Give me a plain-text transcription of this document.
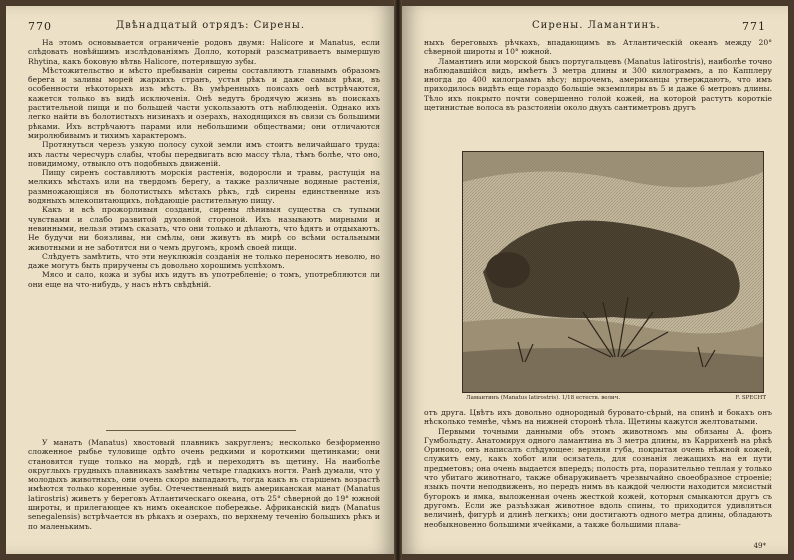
770	Двѣнадцатый отрядъ: Сирены.

На этомъ основывается ограниченіе родовъ двумя: Halicore и Manatus, если слѣдовать новѣйшимъ изслѣдованіямъ Долло, который разсматриваетъ вымершую Rhytina, какъ боковую вѣтвь Halicore, потерявшую зубы.

Мѣстожительство и мѣсто пребыванія сирены составляютъ главнымъ образомъ берега и заливы морей жаркихъ странъ, устья рѣкъ и даже самыя рѣки, въ особенности нѣкоторыхъ изъ мѣстъ. Въ умѣренныхъ поясахъ онѣ встрѣчаются, кажется только въ видѣ исключенія. Онѣ ведутъ бродячую жизнь въ поискахъ растительной пищи и по большей части ускользаютъ отъ наблюденія. Однако ихъ легко найти въ болотистыхъ низинахъ и озерахъ, находящихся въ связи съ большими рѣками. Ихъ встрѣчаютъ парами или небольшими обществами; они отличаются миролюбивымъ и тихимъ характеромъ.

Протянуться черезъ узкую полосу сухой земли имъ стоитъ величайшаго труда: ихъ ласты чересчуръ слабы, чтобы передвигать всю массу тѣла, тѣмъ болѣе, что оно, повидимому, отвыкло отъ подобныхъ движеній.

Пищу сиренъ составляютъ морскія растенія, водоросли и травы, растущія на мелкихъ мѣстахъ или на твердомъ берегу, а также различные водяные растенія, размножающіяся въ болотистыхъ мѣстахъ рѣкъ, гдѣ сирены единственные изъ водяныхъ млекопитающихъ, поѣдающіе растительную пищу.

Какъ и всѣ прожорливыя созданія, сирены лѣнивыя существа съ тупыми чувствами и слабо развитой духовной стороной. Ихъ называютъ мирными и невинными, нельзя этимъ сказать, что они только и дѣлаютъ, что ѣдятъ и отдыхаютъ. Не будучи ни боязливы, ни смѣлы, они живутъ въ мирѣ со всѣми остальными животными и не заботятся ни о чемъ другомъ, кромѣ своей пищи.

Слѣдуетъ замѣтить, что эти неуклюжія созданія не только переносятъ неволю, но даже могутъ быть приручены съ довольно хорошимъ успѣхомъ.

Мясо и сало, кожа и зубы ихъ идутъ въ употребленіе; о томъ, употребляются ли они еще на что-нибудь, у насъ нѣтъ свѣдѣній.

У манатъ (Manatus) хвостовый плавникъ закругленъ; несколько безформенно сложенное рыбье туловище одѣто очень редкими и короткими щетинками; они становятся гуще только на мордѣ, гдѣ и переходятъ въ щетину. На наиболѣе округлыхъ грудныхъ плавникахъ замѣтны четыре гладкихъ ногтя. Ранѣ думали, что у молодыхъ животныхъ, они очень скоро выпадаютъ, тогда какъ въ старшемъ возрастѣ имѣются только коренные зубы. Отечественный видъ американская манат (Manatus latirostris) живетъ у береговъ Атлантическаго океана, отъ 25° сѣверной до 19° южной широты, и прилегающее къ нимъ океанское побережье. Африканскій видъ (Manatus senegalensis) встрѣчается въ рѣкахъ и озерахъ, по верхнему теченію большихъ рѣкъ и по маленькимъ.

Сирены. Ламантинъ.	771

ныхъ береговыхъ рѣчкахъ, впадающимъ въ Атлантическій океанъ между 20° сѣверной широты и 10° южной.

Ламантинъ или морской быкъ португальцевъ (Manatus latirostris), наиболѣе точно наблюдавшійся видъ, имѣетъ 3 метра длины и 300 килограммъ, а по Капплеру иногда до 400 килограммъ вѣсу; впрочемъ, американцы утверждаютъ, что имъ приходилось видѣть еще гораздо большіе экземпляры въ 5 и даже 6 метровъ длины. Тѣло ихъ покрыто почти совершенно голой кожей, на которой растутъ короткіе щетинистые волоса въ разстояніи около двухъ сантиметровъ другъ

Ламантинъ (Manatus latirostris). 1/18 естеств. велич.	F. SPECHT

отъ друга. Цвѣтъ ихъ довольно однородный буровато-сѣрый, на спинѣ и бокахъ онъ нѣсколько темнѣе, чѣмъ на нижней сторонѣ тѣла. Щетины кажутся желтоватыми.

Первыми точными данными объ этомъ животномъ мы обязаны А. фонъ Гумбольдту. Анатомируя одного ламантина въ 3 метра длины, въ Каррихенѣ на рѣкѣ Ориноко, онъ написалъ слѣдующее: верхняя губа, покрытая очень нѣжной кожей, служитъ ему, какъ хобот или осязатель, для сознанія лежащихъ на ея пути предметовъ; она очень выдается впередъ; полость рта, поразительно теплая у только что убитаго животнаго, также обнаруживаетъ чрезвычайно своеобразное строеніе; языкъ почти неподвиженъ, но передъ нимъ въ каждой челюсти находится мясистый бугорокъ и ямка, выложенная очень жесткой кожей, которыя смыкаются другъ съ другомъ. Если же разъѣзжая животное вдоль спины, то приходится удивляться величинѣ, фигурѣ и длинѣ легкихъ; они достигаютъ одного метра длины, обладаютъ необыкновенно большими ячейками, а также большими плава-

49*
